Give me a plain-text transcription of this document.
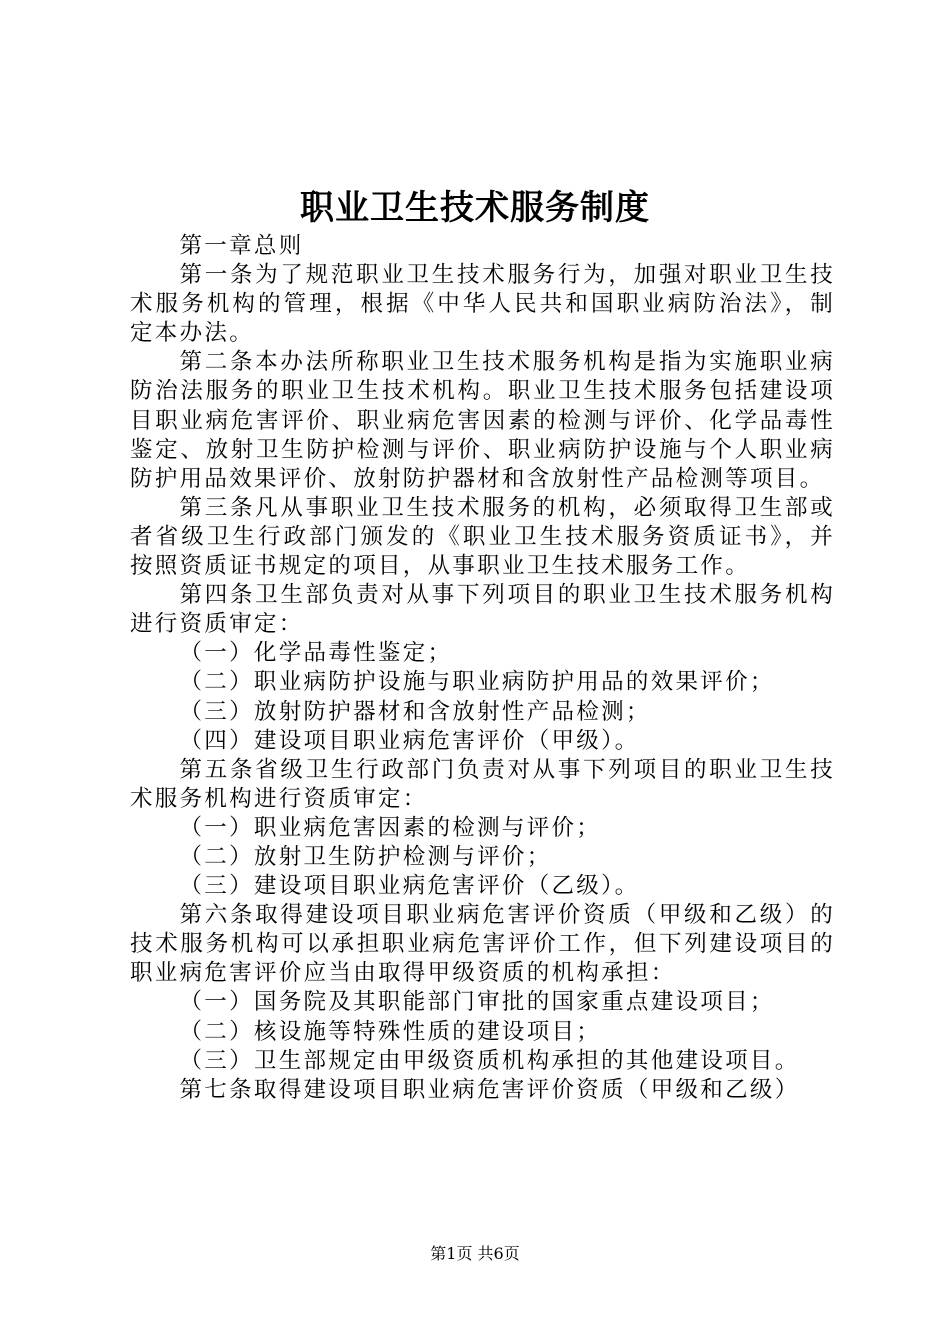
职业卫生技术服务制度

第一章总则

第一条为了规范职业卫生技术服务行为，加强对职业卫生技术服务机构的管理，根据《中华人民共和国职业病防治法》，制定本办法。

第二条本办法所称职业卫生技术服务机构是指为实施职业病防治法服务的职业卫生技术机构。职业卫生技术服务包括建设项目职业病危害评价、职业病危害因素的检测与评价、化学品毒性鉴定、放射卫生防护检测与评价、职业病防护设施与个人职业病防护用品效果评价、放射防护器材和含放射性产品检测等项目。

第三条凡从事职业卫生技术服务的机构，必须取得卫生部或者省级卫生行政部门颁发的《职业卫生技术服务资质证书》，并按照资质证书规定的项目，从事职业卫生技术服务工作。

第四条卫生部负责对从事下列项目的职业卫生技术服务机构进行资质审定：

（一）化学品毒性鉴定；

（二）职业病防护设施与职业病防护用品的效果评价；

（三）放射防护器材和含放射性产品检测；

（四）建设项目职业病危害评价（甲级）。

第五条省级卫生行政部门负责对从事下列项目的职业卫生技术服务机构进行资质审定：

（一）职业病危害因素的检测与评价；

（二）放射卫生防护检测与评价；

（三）建设项目职业病危害评价（乙级）。

第六条取得建设项目职业病危害评价资质（甲级和乙级）的技术服务机构可以承担职业病危害评价工作，但下列建设项目的职业病危害评价应当由取得甲级资质的机构承担：

（一）国务院及其职能部门审批的国家重点建设项目；

（二）核设施等特殊性质的建设项目；

（三）卫生部规定由甲级资质机构承担的其他建设项目。

第七条取得建设项目职业病危害评价资质（甲级和乙级）

第1页 共6页
